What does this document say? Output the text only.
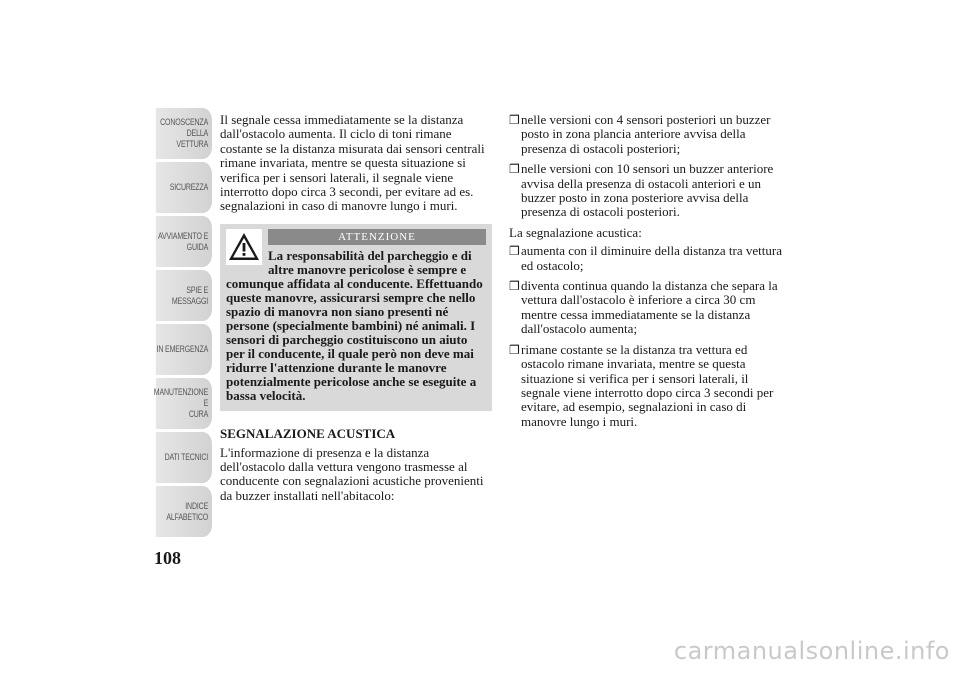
CONOSCENZA
DELLA VETTURA
SICUREZZA
AVVIAMENTO E
GUIDA
SPIE E MESSAGGI
IN EMERGENZA
MANUTENZIONE E
CURA
DATI TECNICI
INDICE
ALFABETICO
108

Il segnale cessa immediatamente se la distanza dall'ostacolo aumenta. Il ciclo di toni rimane costante se la distanza misurata dai sensori centrali rimane invariata, mentre se questa situazione si verifica per i sensori laterali, il segnale viene interrotto dopo circa 3 secondi, per evitare ad es. segnalazioni in caso di manovre lungo i muri.

ATTENZIONE
La responsabilità del parcheggio e di altre manovre pericolose è sempre e
comunque affidata al conducente. Effettuando queste manovre, assicurarsi sempre che nello spazio di manovra non siano presenti né persone (specialmente bambini) né animali. I sensori di parcheggio costituiscono un aiuto per il conducente, il quale però non deve mai ridurre l'attenzione durante le manovre potenzialmente pericolose anche se eseguite a bassa velocità.
SEGNALAZIONE ACUSTICA

L'informazione di presenza e la distanza dell'ostacolo dalla vettura vengono trasmesse al conducente con segnalazioni acustiche provenienti da buzzer installati nell'abitacolo:

❒ nelle versioni con 4 sensori posteriori un buzzer posto in zona plancia anteriore avvisa della presenza di ostacoli posteriori;
❒ nelle versioni con 10 sensori un buzzer anteriore avvisa della presenza di ostacoli anteriori e un buzzer posto in zona posteriore avvisa della presenza di ostacoli posteriori.
La segnalazione acustica:
❒ aumenta con il diminuire della distanza tra vettura ed ostacolo;
❒ diventa continua quando la distanza che separa la vettura dall'ostacolo è inferiore a circa 30 cm mentre cessa immediatamente se la distanza dall'ostacolo aumenta;
❒ rimane costante se la distanza tra vettura ed ostacolo rimane invariata, mentre se questa situazione si verifica per i sensori laterali, il segnale viene interrotto dopo circa 3 secondi per evitare, ad esempio, segnalazioni in caso di manovre lungo i muri.
carmanualsonline.info
